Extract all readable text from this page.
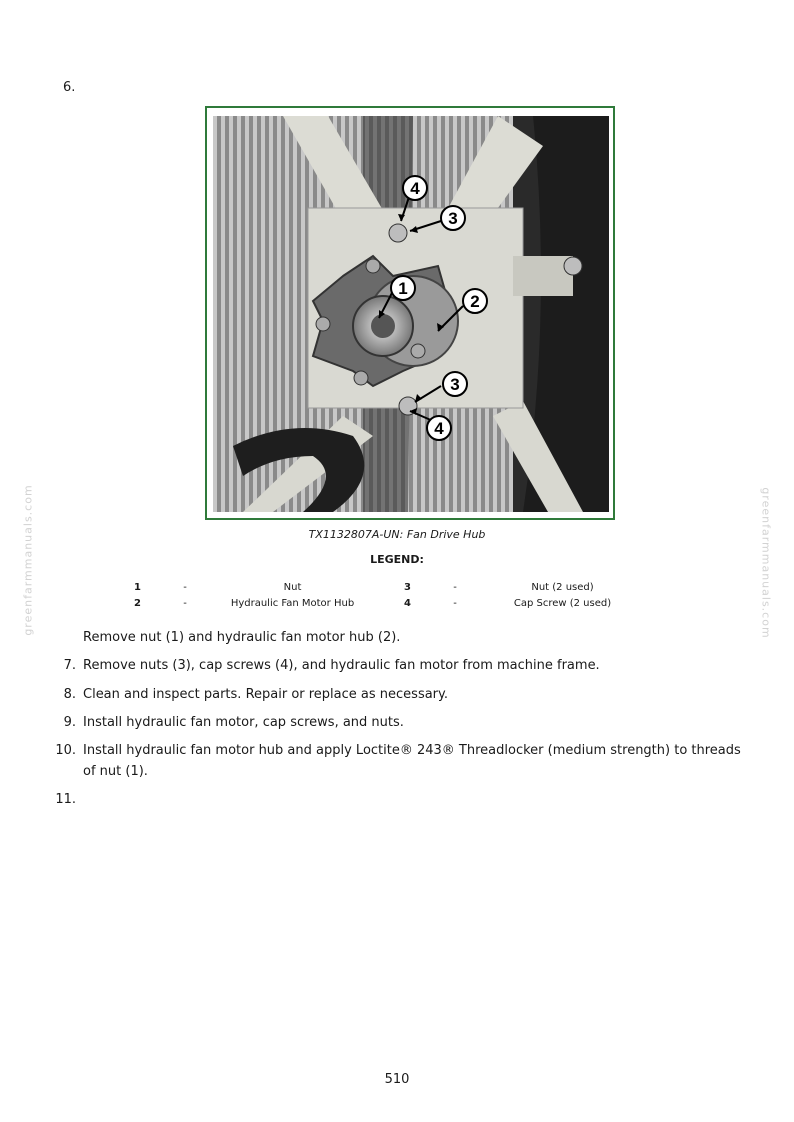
6.
1
2
3
4
3
4
TX1132807A-UN: Fan Drive Hub
LEGEND:
1	-	Nut	3	-	Nut (2 used)
2	-	Hydraulic Fan Motor Hub	4	-	Cap Screw (2 used)
Remove nut (1) and hydraulic fan motor hub (2).
7. Remove nuts (3), cap screws (4), and hydraulic fan motor from machine frame.
8. Clean and inspect parts. Repair or replace as necessary.
9. Install hydraulic fan motor, cap screws, and nuts.
10. Install hydraulic fan motor hub and apply Loctite® 243® Threadlocker (medium strength) to threads of nut (1).
11.
greenfarmmanuals.com	greenfarmmanuals.com
510
